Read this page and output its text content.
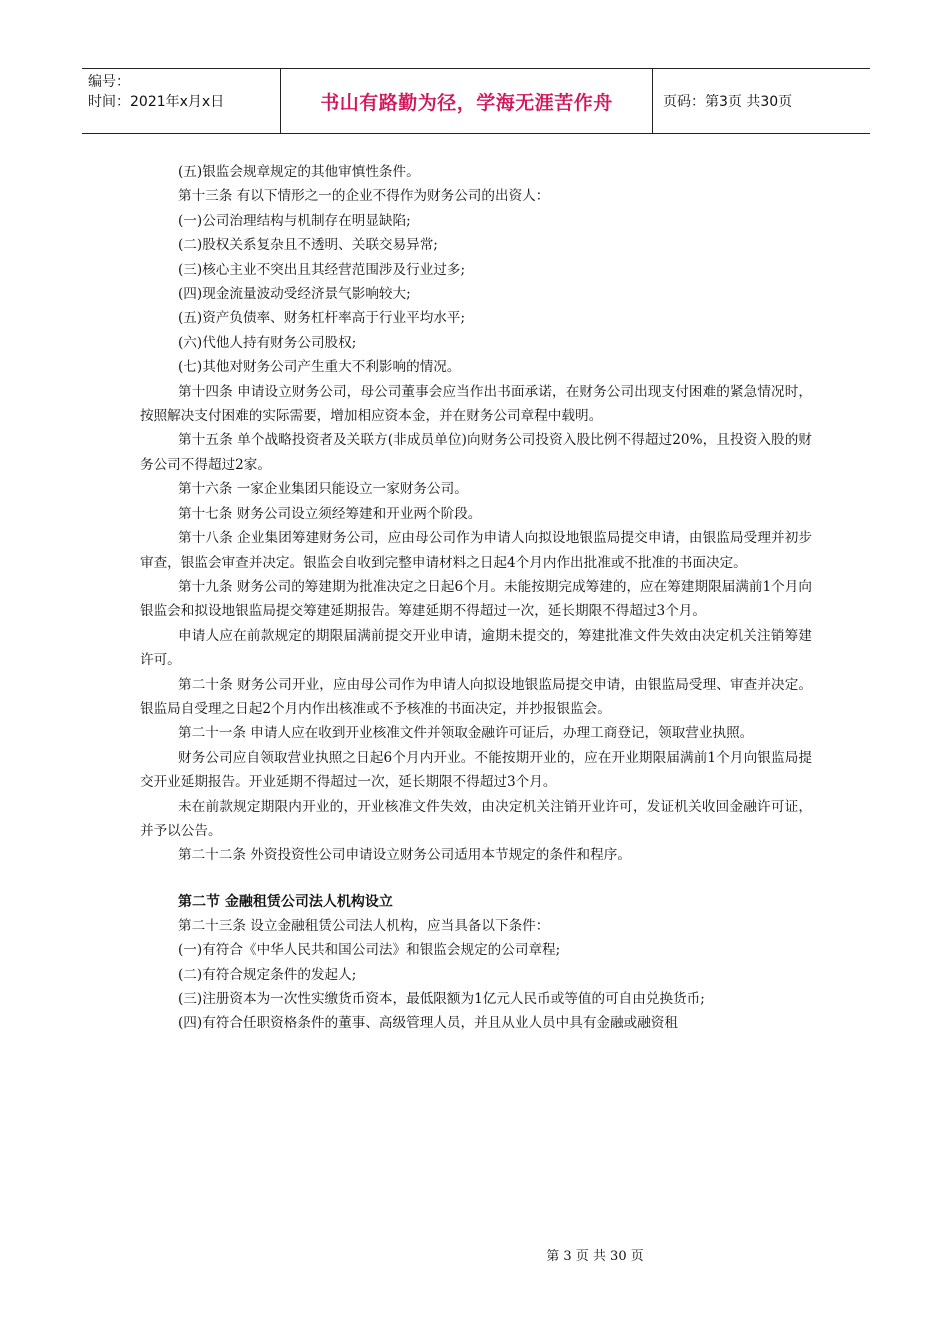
编号：
时间：2021年x月x日	书山有路勤为径，学海无涯苦作舟	页码：第3页 共30页

(五)银监会规章规定的其他审慎性条件。

第十三条 有以下情形之一的企业不得作为财务公司的出资人：

(一)公司治理结构与机制存在明显缺陷;

(二)股权关系复杂且不透明、关联交易异常;

(三)核心主业不突出且其经营范围涉及行业过多;

(四)现金流量波动受经济景气影响较大;

(五)资产负债率、财务杠杆率高于行业平均水平;

(六)代他人持有财务公司股权;

(七)其他对财务公司产生重大不利影响的情况。

第十四条 申请设立财务公司，母公司董事会应当作出书面承诺，在财务公司出现支付困难的紧急情况时，按照解决支付困难的实际需要，增加相应资本金，并在财务公司章程中载明。

第十五条 单个战略投资者及关联方(非成员单位)向财务公司投资入股比例不得超过20%，且投资入股的财务公司不得超过2家。

第十六条 一家企业集团只能设立一家财务公司。

第十七条 财务公司设立须经筹建和开业两个阶段。

第十八条 企业集团筹建财务公司，应由母公司作为申请人向拟设地银监局提交申请，由银监局受理并初步审查，银监会审查并决定。银监会自收到完整申请材料之日起4个月内作出批准或不批准的书面决定。

第十九条 财务公司的筹建期为批准决定之日起6个月。未能按期完成筹建的，应在筹建期限届满前1个月向银监会和拟设地银监局提交筹建延期报告。筹建延期不得超过一次，延长期限不得超过3个月。

申请人应在前款规定的期限届满前提交开业申请，逾期未提交的，筹建批准文件失效由决定机关注销筹建许可。

第二十条 财务公司开业，应由母公司作为申请人向拟设地银监局提交申请，由银监局受理、审查并决定。银监局自受理之日起2个月内作出核准或不予核准的书面决定，并抄报银监会。

第二十一条 申请人应在收到开业核准文件并领取金融许可证后，办理工商登记，领取营业执照。

财务公司应自领取营业执照之日起6个月内开业。不能按期开业的，应在开业期限届满前1个月向银监局提交开业延期报告。开业延期不得超过一次，延长期限不得超过3个月。

未在前款规定期限内开业的，开业核准文件失效，由决定机关注销开业许可，发证机关收回金融许可证，并予以公告。

第二十二条 外资投资性公司申请设立财务公司适用本节规定的条件和程序。

第二节 金融租赁公司法人机构设立

第二十三条 设立金融租赁公司法人机构，应当具备以下条件：

(一)有符合《中华人民共和国公司法》和银监会规定的公司章程;

(二)有符合规定条件的发起人;

(三)注册资本为一次性实缴货币资本，最低限额为1亿元人民币或等值的可自由兑换货币;

(四)有符合任职资格条件的董事、高级管理人员，并且从业人员中具有金融或融资租

第 3 页 共 30 页
